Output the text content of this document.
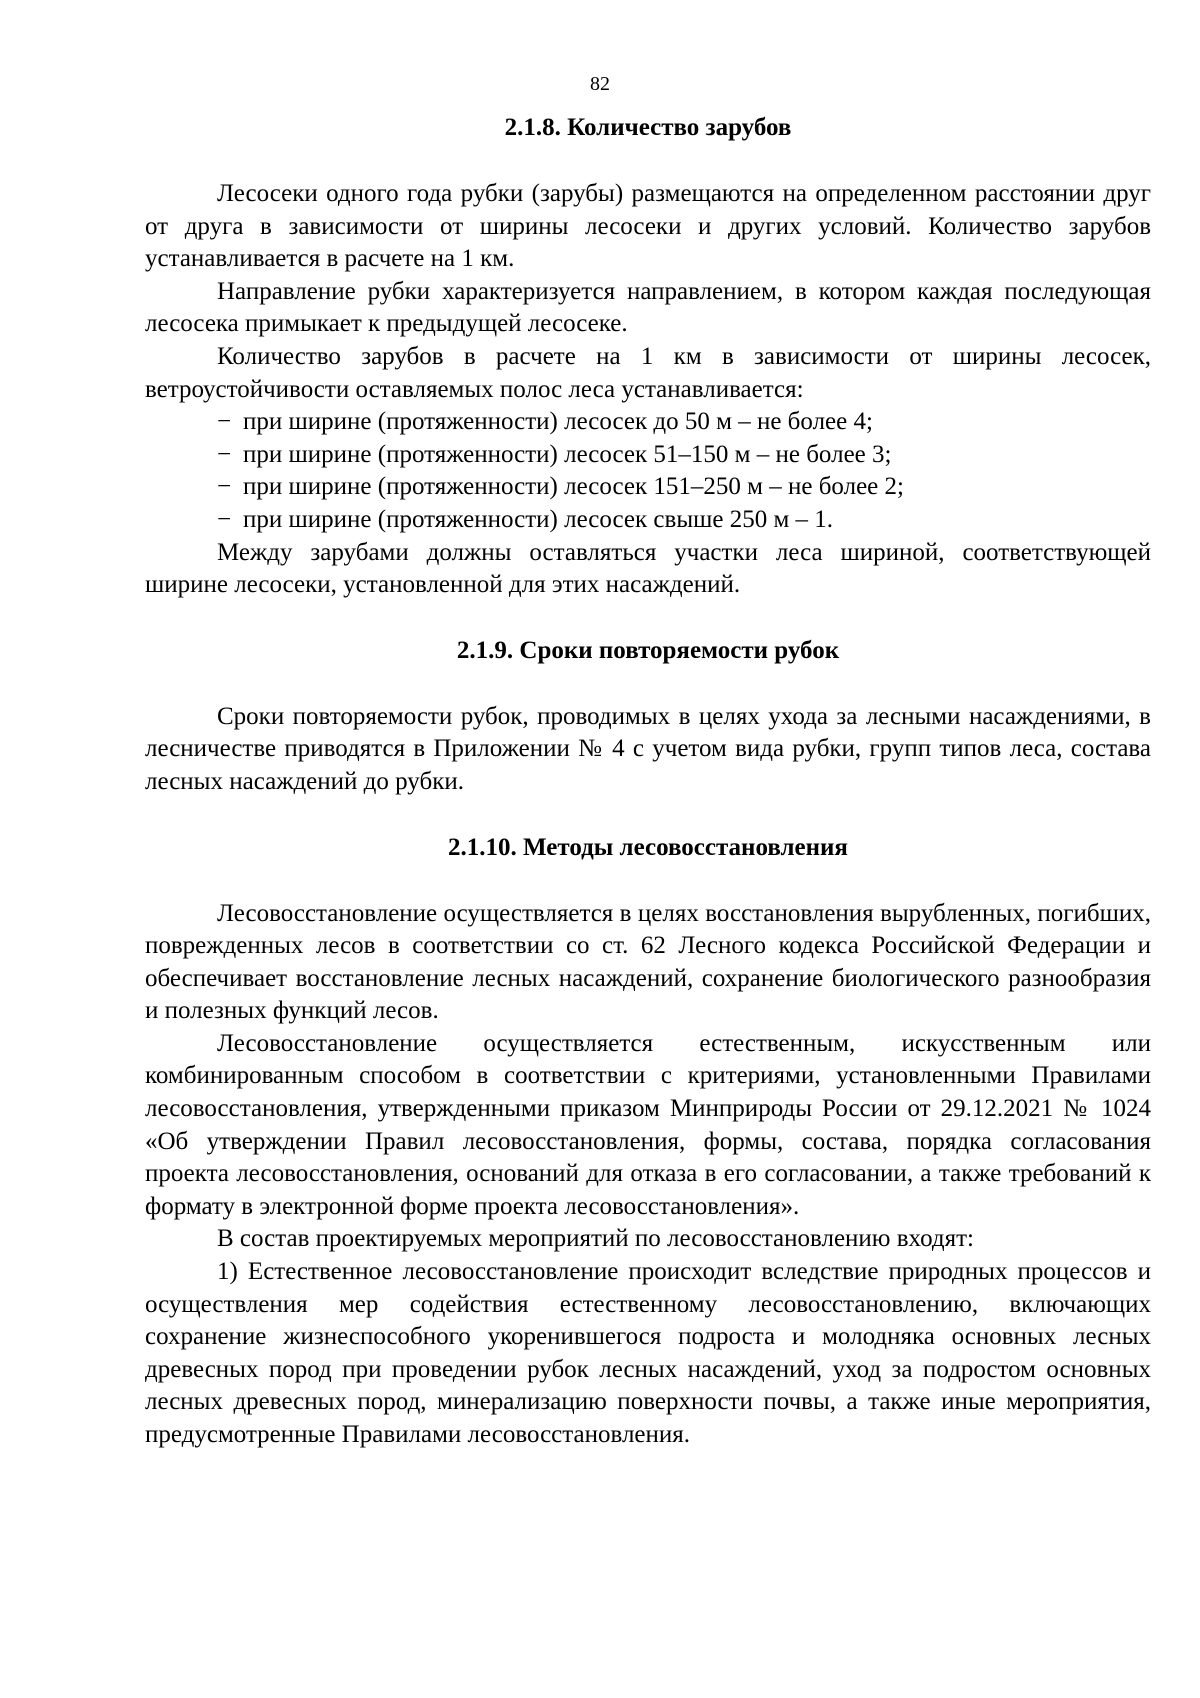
82
2.1.8. Количество зарубов

Лесосеки одного года рубки (зарубы) размещаются на определенном расстоянии друг от друга в зависимости от ширины лесосеки и других условий. Количество зарубов устанавливается в расчете на 1 км.

Направление рубки характеризуется направлением, в котором каждая последующая лесосека примыкает к предыдущей лесосеке.

Количество зарубов в расчете на 1 км в зависимости от ширины лесосек, ветроустойчивости оставляемых полос леса устанавливается:

− при ширине (протяженности) лесосек до 50 м – не более 4;

− при ширине (протяженности) лесосек 51–150 м – не более 3;

− при ширине (протяженности) лесосек 151–250 м – не более 2;

− при ширине (протяженности) лесосек свыше 250 м – 1.

Между зарубами должны оставляться участки леса шириной, соответствующей ширине лесосеки, установленной для этих насаждений.

2.1.9. Сроки повторяемости рубок

Сроки повторяемости рубок, проводимых в целях ухода за лесными насаждениями, в лесничестве приводятся в Приложении № 4 с учетом вида рубки, групп типов леса, состава лесных насаждений до рубки.

2.1.10. Методы лесовосстановления

Лесовосстановление осуществляется в целях восстановления вырубленных, погибших, поврежденных лесов в соответствии со ст. 62 Лесного кодекса Российской Федерации и обеспечивает восстановление лесных насаждений, сохранение биологического разнообразия и полезных функций лесов.

Лесовосстановление осуществляется естественным, искусственным или комбинированным способом в соответствии с критериями, установленными Правилами лесовосстановления, утвержденными приказом Минприроды России от 29.12.2021 № 1024 «Об утверждении Правил лесовосстановления, формы, состава, порядка согласования проекта лесовосстановления, оснований для отказа в его согласовании, а также требований к формату в электронной форме проекта лесовосстановления».

В состав проектируемых мероприятий по лесовосстановлению входят:

1) Естественное лесовосстановление происходит вследствие природных процессов и осуществления мер содействия естественному лесовосстановлению, включающих сохранение жизнеспособного укоренившегося подроста и молодняка основных лесных древесных пород при проведении рубок лесных насаждений, уход за подростом основных лесных древесных пород, минерализацию поверхности почвы, а также иные мероприятия, предусмотренные Правилами лесовосстановления.
